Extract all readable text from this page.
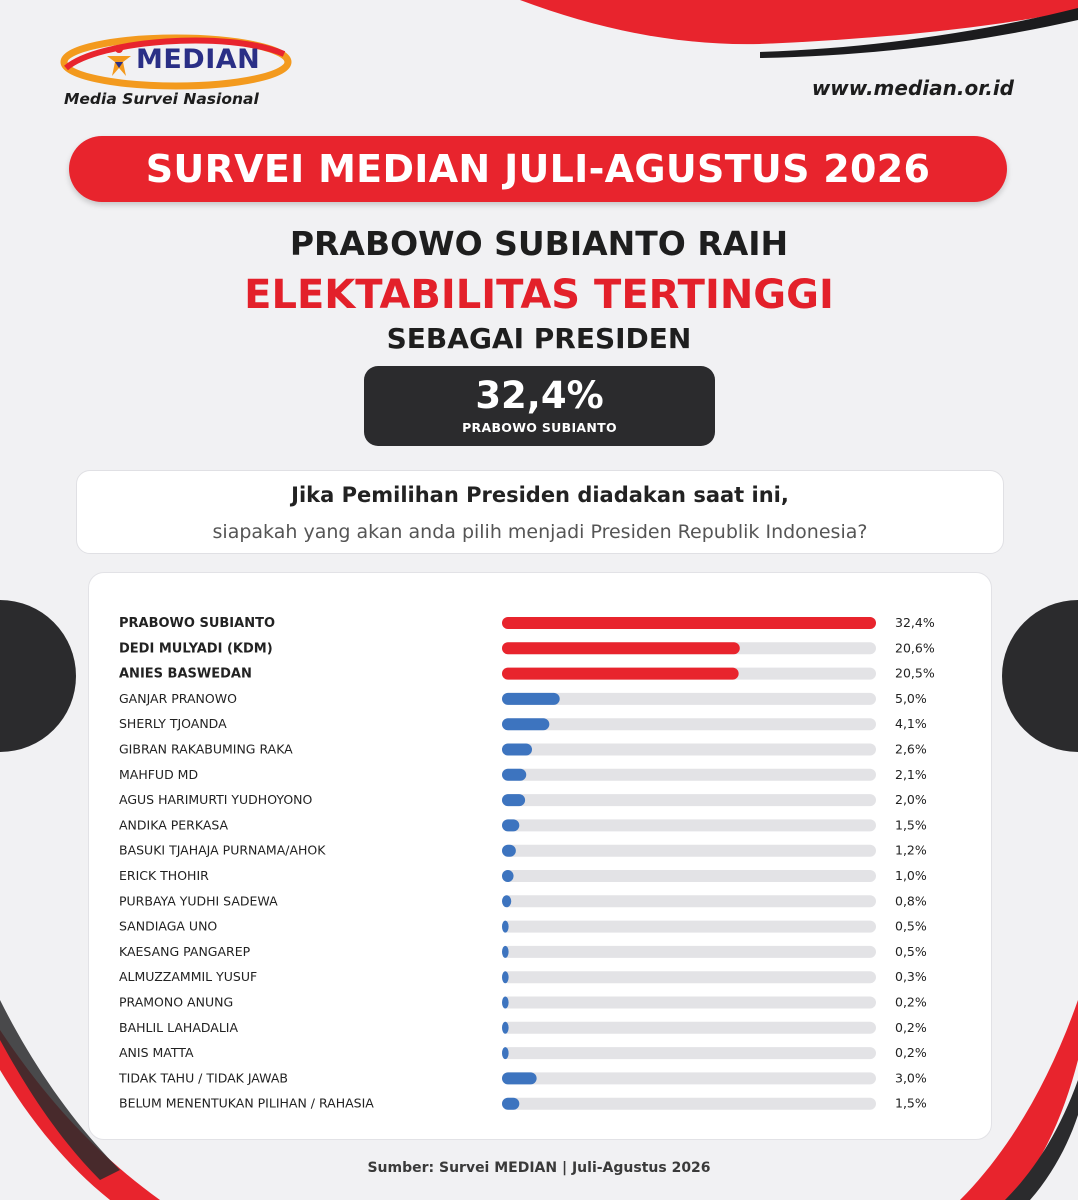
MEDIAN
Media Survei Nasional	www.median.or.id
SURVEI MEDIAN JULI-AGUSTUS 2026
PRABOWO SUBIANTO RAIH
ELEKTABILITAS TERTINGGI
SEBAGAI PRESIDEN
32,4%
PRABOWO SUBIANTO
Jika Pemilihan Presiden diadakan saat ini,
siapakah yang akan anda pilih menjadi Presiden Republik Indonesia?
PRABOWO SUBIANTO	32,4%
DEDI MULYADI (KDM)	20,6%
ANIES BASWEDAN	20,5%
GANJAR PRANOWO	5,0%
SHERLY TJOANDA	4,1%
GIBRAN RAKABUMING RAKA	2,6%
MAHFUD MD	2,1%
AGUS HARIMURTI YUDHOYONO	2,0%
ANDIKA PERKASA	1,5%
BASUKI TJAHAJA PURNAMA/AHOK	1,2%
ERICK THOHIR	1,0%
PURBAYA YUDHI SADEWA	0,8%
SANDIAGA UNO	0,5%
KAESANG PANGAREP	0,5%
ALMUZZAMMIL YUSUF	0,3%
PRAMONO ANUNG	0,2%
BAHLIL LAHADALIA	0,2%
ANIS MATTA	0,2%
TIDAK TAHU / TIDAK JAWAB	3,0%
BELUM MENENTUKAN PILIHAN / RAHASIA	1,5%
Sumber: Survei MEDIAN | Juli-Agustus 2026
